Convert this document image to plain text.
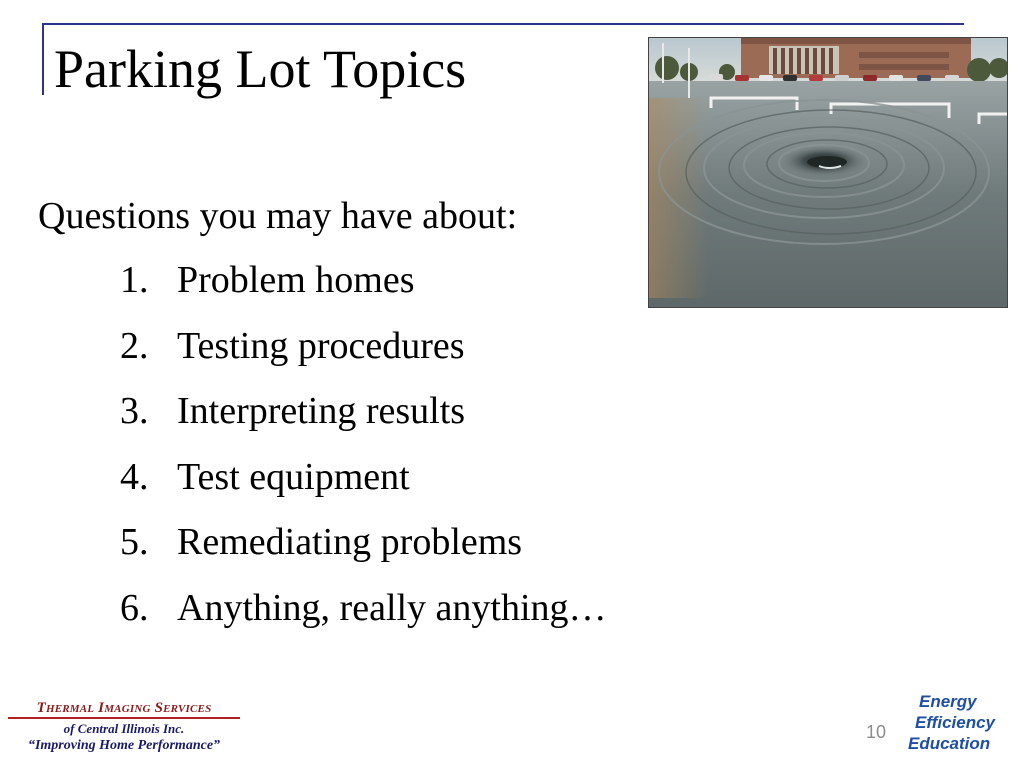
Parking Lot Topics
Questions you may have about:
1. Problem homes
2. Testing procedures
3. Interpreting results
4. Test equipment
5. Remediating problems
6. Anything, really anything…
Thermal Imaging Services
of Central Illinois Inc.
“Improving Home Performance”
10
Energy
Efficiency
Education
